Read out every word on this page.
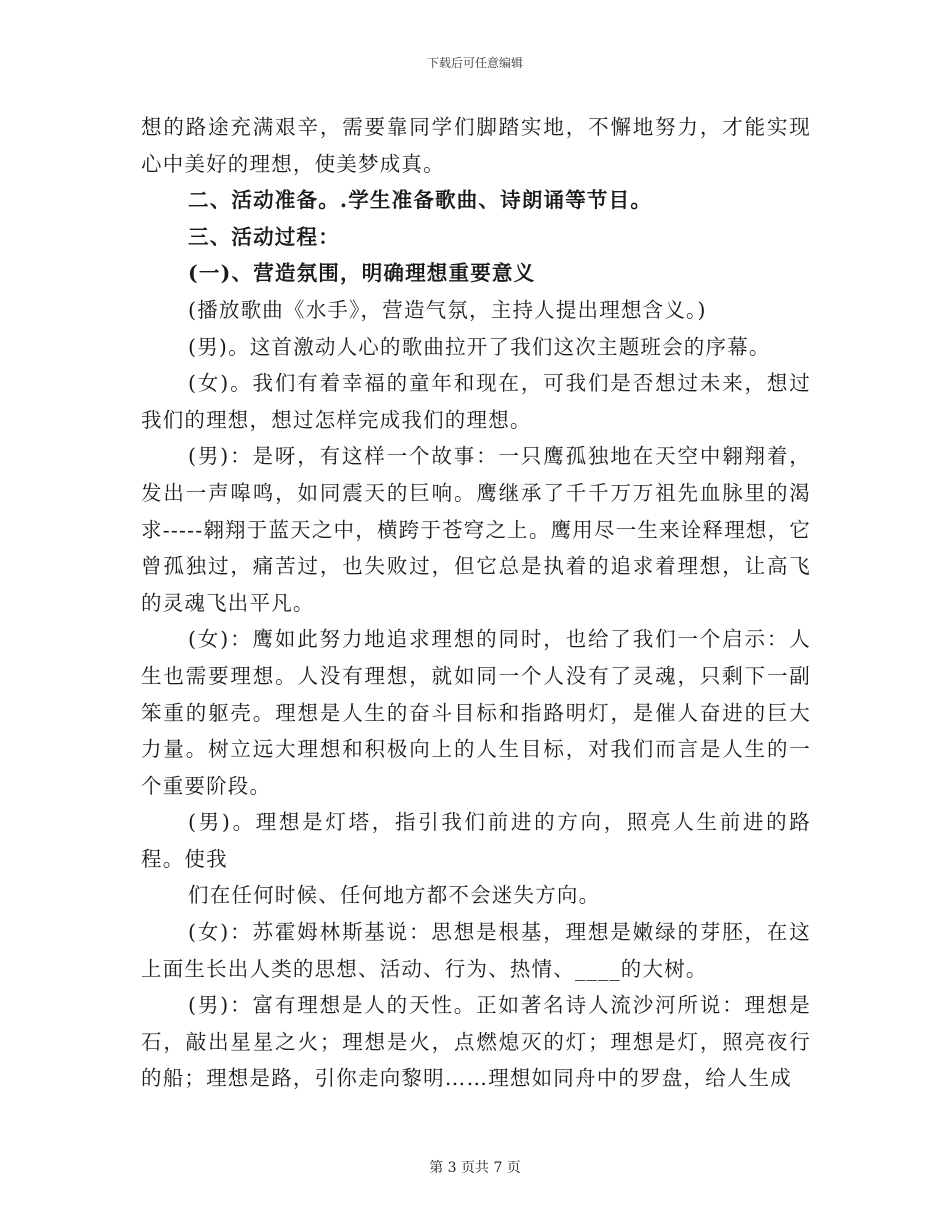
下载后可任意编辑

想的路途充满艰辛，需要靠同学们脚踏实地，不懈地努力，才能实现心中美好的理想，使美梦成真。

二、活动准备。.学生准备歌曲、诗朗诵等节目。

三、活动过程：

(一)、营造氛围，明确理想重要意义

(播放歌曲《水手》，营造气氛，主持人提出理想含义。)

(男)。这首激动人心的歌曲拉开了我们这次主题班会的序幕。

(女)。我们有着幸福的童年和现在，可我们是否想过未来，想过我们的理想，想过怎样完成我们的理想。

(男)：是呀，有这样一个故事：一只鹰孤独地在天空中翱翔着，发出一声嗥鸣，如同震天的巨响。鹰继承了千千万万祖先血脉里的渴求-----翱翔于蓝天之中，横跨于苍穹之上。鹰用尽一生来诠释理想，它曾孤独过，痛苦过，也失败过，但它总是执着的追求着理想，让高飞的灵魂飞出平凡。

(女)：鹰如此努力地追求理想的同时，也给了我们一个启示：人生也需要理想。人没有理想，就如同一个人没有了灵魂，只剩下一副笨重的躯壳。理想是人生的奋斗目标和指路明灯，是催人奋进的巨大力量。树立远大理想和积极向上的人生目标，对我们而言是人生的一个重要阶段。

(男)。理想是灯塔，指引我们前进的方向，照亮人生前进的路程。使我

们在任何时候、任何地方都不会迷失方向。

(女)：苏霍姆林斯基说：思想是根基，理想是嫩绿的芽胚，在这上面生长出人类的思想、活动、行为、热情、____的大树。

(男)：富有理想是人的天性。正如著名诗人流沙河所说：理想是石，敲出星星之火；理想是火，点燃熄灭的灯；理想是灯，照亮夜行的船；理想是路，引你走向黎明……理想如同舟中的罗盘，给人生成

第 3 页共 7 页
